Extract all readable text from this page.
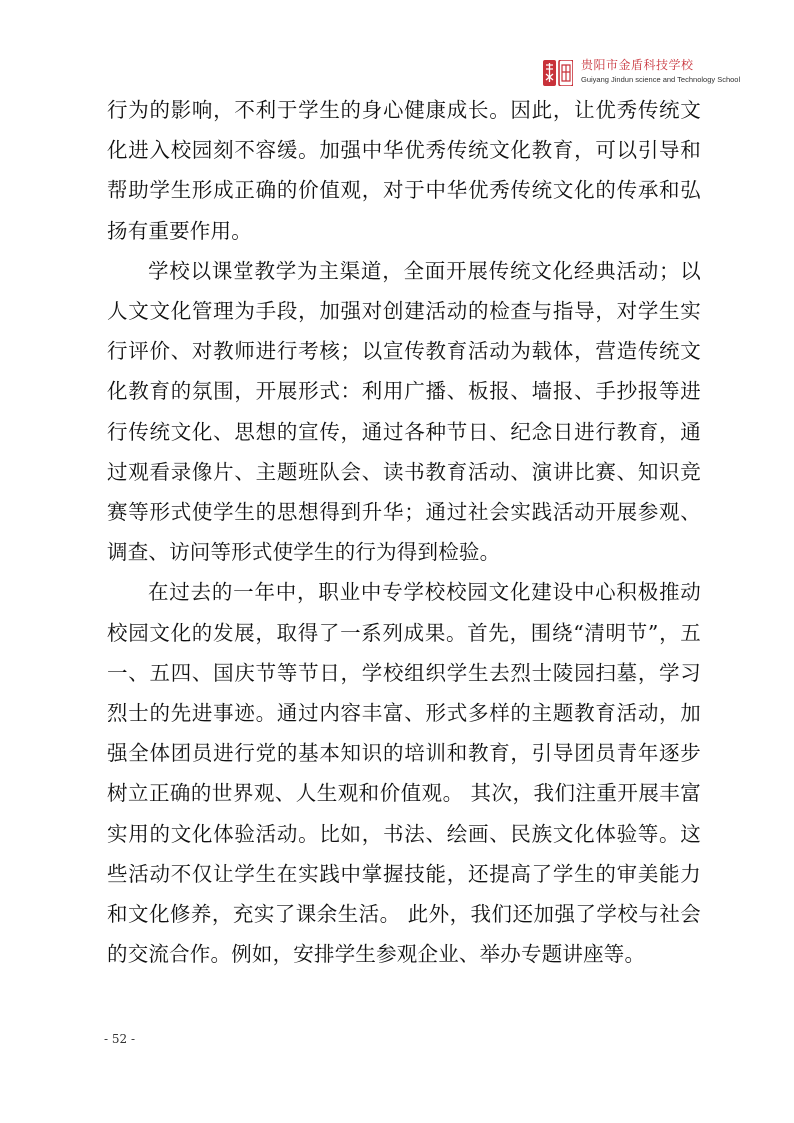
贵阳市金盾科技学校
Guiyang Jindun science and Technology School

行为的影响，不利于学生的身心健康成长。因此，让优秀传统文化进入校园刻不容缓。加强中华优秀传统文化教育，可以引导和帮助学生形成正确的价值观，对于中华优秀传统文化的传承和弘扬有重要作用。

学校以课堂教学为主渠道，全面开展传统文化经典活动；以人文文化管理为手段，加强对创建活动的检查与指导，对学生实行评价、对教师进行考核；以宣传教育活动为载体，营造传统文化教育的氛围，开展形式：利用广播、板报、墙报、手抄报等进行传统文化、思想的宣传，通过各种节日、纪念日进行教育，通过观看录像片、主题班队会、读书教育活动、演讲比赛、知识竞赛等形式使学生的思想得到升华；通过社会实践活动开展参观、调查、访问等形式使学生的行为得到检验。

在过去的一年中，职业中专学校校园文化建设中心积极推动校园文化的发展，取得了一系列成果。首先，围绕“清明节”，五一、五四、国庆节等节日，学校组织学生去烈士陵园扫墓，学习烈士的先进事迹。通过内容丰富、形式多样的主题教育活动，加强全体团员进行党的基本知识的培训和教育，引导团员青年逐步树立正确的世界观、人生观和价值观。 其次，我们注重开展丰富实用的文化体验活动。比如，书法、绘画、民族文化体验等。这些活动不仅让学生在实践中掌握技能，还提高了学生的审美能力和文化修养，充实了课余生活。 此外，我们还加强了学校与社会的交流合作。例如，安排学生参观企业、举办专题讲座等。

- 52 -
